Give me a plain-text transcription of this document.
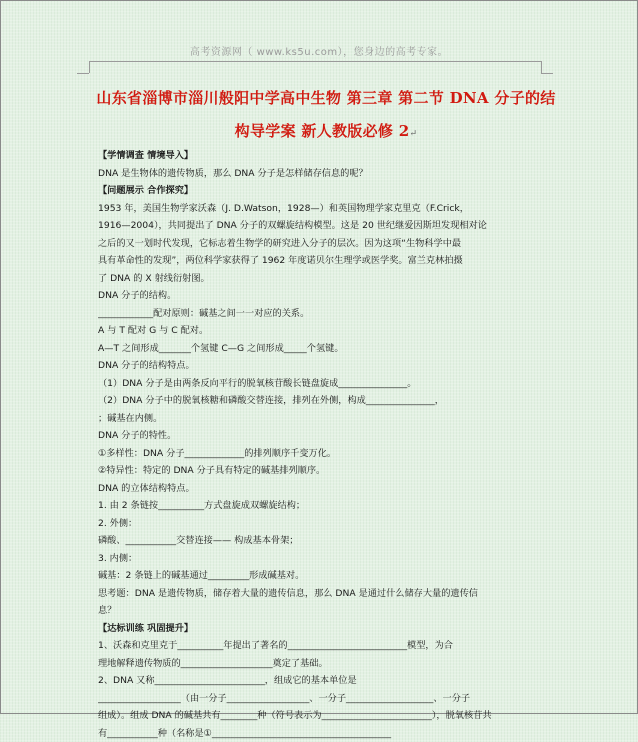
高考资源网（ www.ks5u.com），您身边的高考专家。
山东省淄博市淄川般阳中学高中生物 第三章 第二节 DNA 分子的结
构导学案 新人教版必修 2↵
【学情调查 情境导入】
DNA 是生物体的遗传物质，那么 DNA 分子是怎样储存信息的呢？
【问题展示 合作探究】
1953 年，美国生物学家沃森（J. D.Watson，1928—）和英国物理学家克里克（F.Crick，
1916—2004），共同提出了 DNA 分子的双螺旋结构模型。这是 20 世纪继爱因斯坦发现相对论
之后的又一划时代发现，它标志着生物学的研究进入分子的层次。因为这项“生物科学中最
具有革命性的发现”，两位科学家获得了 1962 年度诺贝尔生理学或医学奖。富兰克林拍摄
了 DNA 的 X 射线衍射图。
DNA 分子的结构。
____________配对原则：碱基之间一一对应的关系。
A 与 T 配对 G 与 C 配对。
A—T 之间形成_______个氢键 C—G 之间形成_____个氢键。
DNA 分子的结构特点。
（1）DNA 分子是由两条反向平行的脱氧核苷酸长链盘旋成_______________。
（2）DNA 分子中的脱氧核糖和磷酸交替连接，排列在外侧，构成_______________，
；碱基在内侧。
DNA 分子的特性。
①多样性：DNA 分子_____________的排列顺序千变万化。
②特异性：特定的 DNA 分子具有特定的碱基排列顺序。
DNA 的立体结构特点。
1. 由 2 条链按__________方式盘旋成双螺旋结构；
2. 外侧：
磷酸、___________交替连接—— 构成基本骨架；
3. 内侧：
碱基：2 条链上的碱基通过_________形成碱基对。
思考题：DNA 是遗传物质，储存着大量的遗传信息，那么 DNA 是通过什么储存大量的遗传信
息？
【达标训练 巩固提升】
1、沃森和克里克于__________年提出了著名的__________________________模型，为合
理地解释遗传物质的____________________奠定了基础。
2、DNA 又称________________________，组成它的基本单位是
__________________（由一分子__________________、一分子___________________、一分子
组成）。组成 DNA 的碱基共有________种（符号表示为________________________），脱氧核苷共
有___________种（名称是①_______________________________________
